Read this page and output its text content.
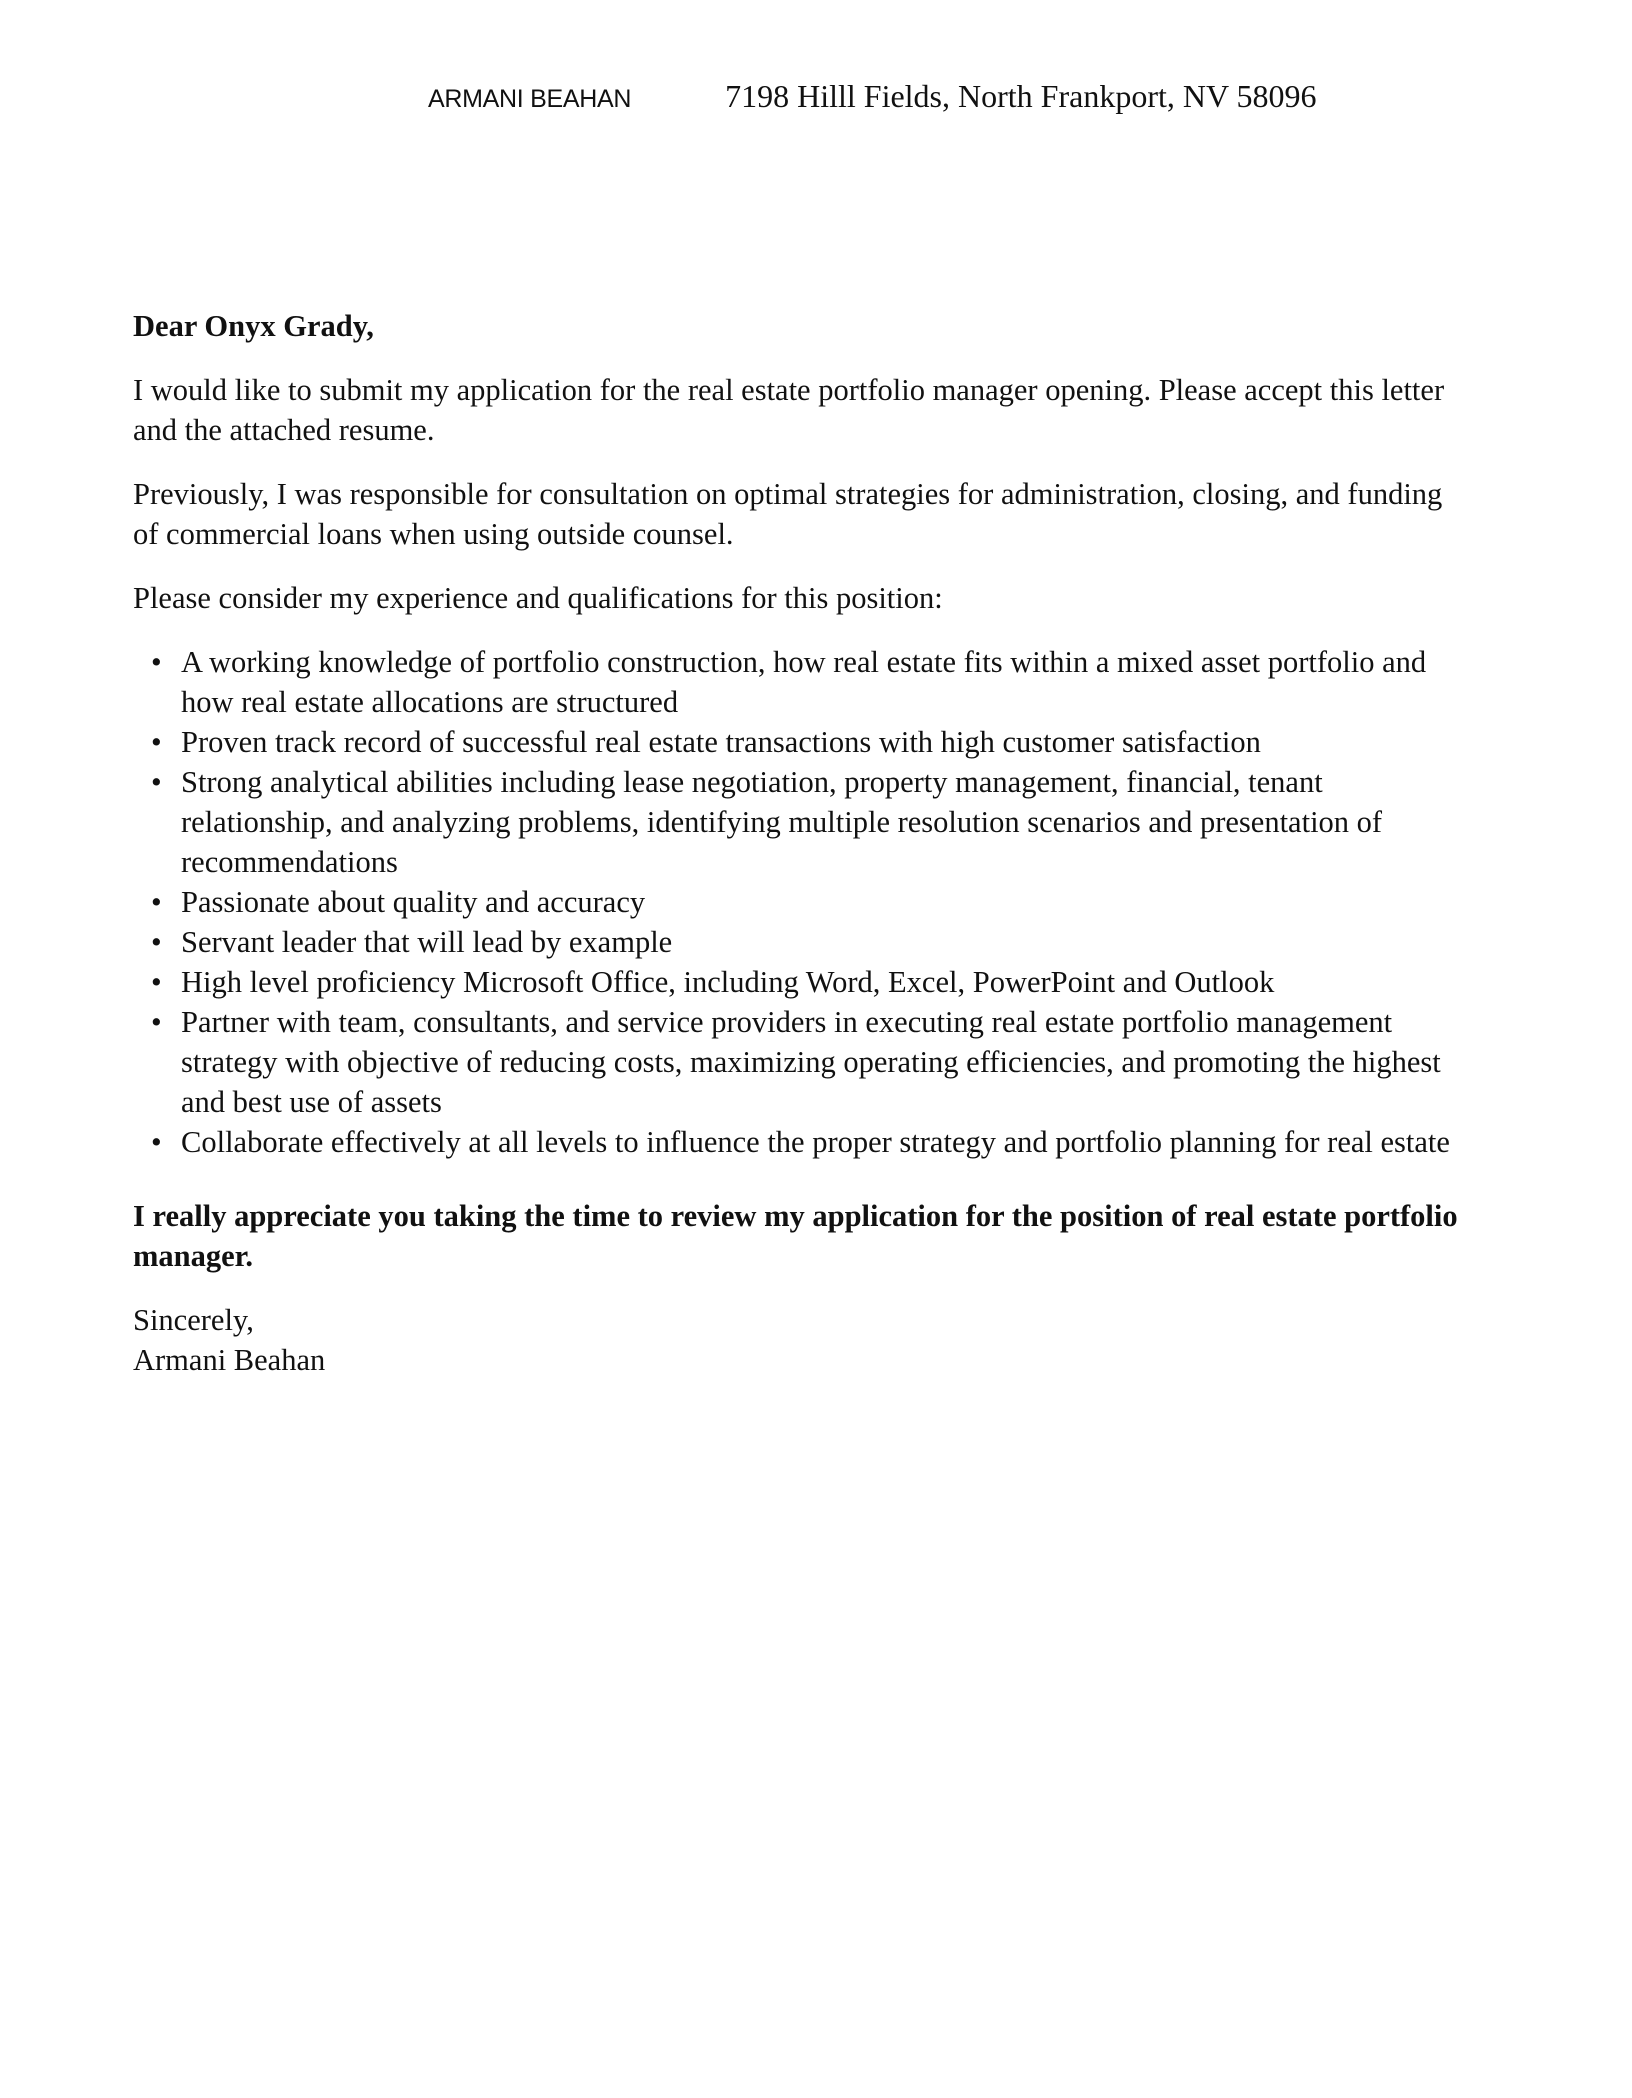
ARMANI BEAHAN	7198 Hilll Fields, North Frankport, NV 58096

Dear Onyx Grady,

I would like to submit my application for the real estate portfolio manager opening. Please accept this letter and the attached resume.

Previously, I was responsible for consultation on optimal strategies for administration, closing, and funding of commercial loans when using outside counsel.

Please consider my experience and qualifications for this position:

• A working knowledge of portfolio construction, how real estate fits within a mixed asset portfolio and how real estate allocations are structured
• Proven track record of successful real estate transactions with high customer satisfaction
• Strong analytical abilities including lease negotiation, property management, financial, tenant relationship, and analyzing problems, identifying multiple resolution scenarios and presentation of recommendations
• Passionate about quality and accuracy
• Servant leader that will lead by example
• High level proficiency Microsoft Office, including Word, Excel, PowerPoint and Outlook
• Partner with team, consultants, and service providers in executing real estate portfolio management strategy with objective of reducing costs, maximizing operating efficiencies, and promoting the highest and best use of assets
• Collaborate effectively at all levels to influence the proper strategy and portfolio planning for real estate

I really appreciate you taking the time to review my application for the position of real estate portfolio manager.

Sincerely,
Armani Beahan
